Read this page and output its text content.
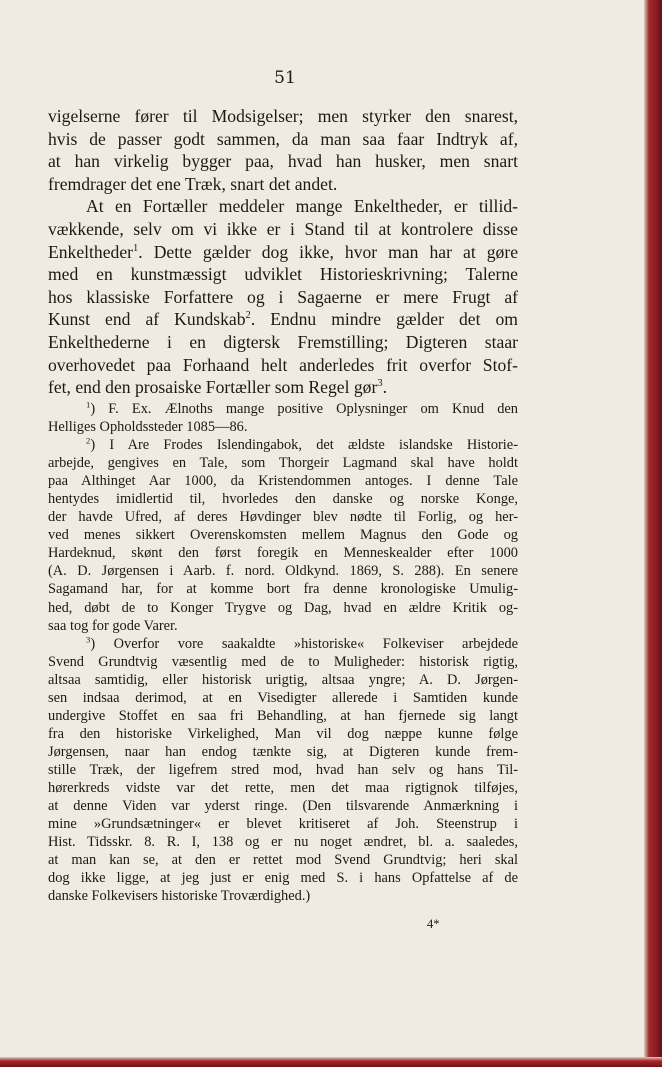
51
vigelserne fører til Modsigelser; men styrker den snarest,
hvis de passer godt sammen, da man saa faar Indtryk af,
at han virkelig bygger paa, hvad han husker, men snart
fremdrager det ene Træk, snart det andet.
At en Fortæller meddeler mange Enkeltheder, er tillid-
vækkende, selv om vi ikke er i Stand til at kontrolere disse
Enkeltheder$^1$. Dette gælder dog ikke, hvor man har at gøre
med en kunstmæssigt udviklet Historieskrivning; Talerne
hos klassiske Forfattere og i Sagaerne er mere Frugt af
Kunst end af Kundskab$^2$. Endnu mindre gælder det om
Enkelthederne i en digtersk Fremstilling; Digteren staar
overhovedet paa Forhaand helt anderledes frit overfor Stof-
fet, end den prosaiske Fortæller som Regel gør$^3$.
$^1$) F. Ex. Ælnoths mange positive Oplysninger om Knud den
Helliges Opholdssteder 1085—86.
$^2$) I Are Frodes Islendingabok, det ældste islandske Historie-
arbejde, gengives en Tale, som Thorgeir Lagmand skal have holdt
paa Althinget Aar 1000, da Kristendommen antoges. I denne Tale
hentydes imidlertid til, hvorledes den danske og norske Konge,
der havde Ufred, af deres Høvdinger blev nødte til Forlig, og her-
ved menes sikkert Overenskomsten mellem Magnus den Gode og
Hardeknud, skønt den først foregik en Menneskealder efter 1000
(A. D. Jørgensen i Aarb. f. nord. Oldkynd. 1869, S. 288). En senere
Sagamand har, for at komme bort fra denne kronologiske Umulig-
hed, døbt de to Konger Trygve og Dag, hvad en ældre Kritik og-
saa tog for gode Varer.
$^3$) Overfor vore saakaldte »historiske« Folkeviser arbejdede
Svend Grundtvig væsentlig med de to Muligheder: historisk rigtig,
altsaa samtidig, eller historisk urigtig, altsaa yngre; A. D. Jørgen-
sen indsaa derimod, at en Visedigter allerede i Samtiden kunde
undergive Stoffet en saa fri Behandling, at han fjernede sig langt
fra den historiske Virkelighed, Man vil dog næppe kunne følge
Jørgensen, naar han endog tænkte sig, at Digteren kunde frem-
stille Træk, der ligefrem stred mod, hvad han selv og hans Til-
hørerkreds vidste var det rette, men det maa rigtignok tilføjes,
at denne Viden var yderst ringe. (Den tilsvarende Anmærkning i
mine »Grundsætninger« er blevet kritiseret af Joh. Steenstrup i
Hist. Tidsskr. 8. R. I, 138 og er nu noget ændret, bl. a. saaledes,
at man kan se, at den er rettet mod Svend Grundtvig; heri skal
dog ikke ligge, at jeg just er enig med S. i hans Opfattelse af de
danske Folkevisers historiske Troværdighed.)
4*
